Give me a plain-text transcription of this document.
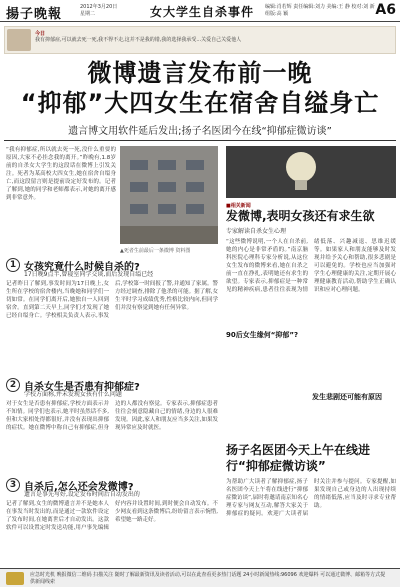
揚子晚報	2012年3月20日 星期二	女大学生自杀事件 编辑:肖若辉 责任编辑:刘力 美编:王 静 校对:刘 新 组版:高 颖	A6
今日
我有抑郁症,可以就去死一死,我不得不走,这并不是我的错,我的选择我承受...关爱自己关爱他人
微博遗言发布前一晚
“抑郁”大四女生在宿舍自缢身亡
遗言博文用软件延后发出;扬子名医团今在线“抑郁症微访谈”
“我有抑郁症,所以就去死一死,没什么重要的原因,大家不必挂念我的离开。”昨晚有,1.8岁前的自杀女大学生的这段话在微博上引发关注。死者为某高校大四女生,她在宿舍自缢身亡,而这段留言则是提前设定好发布的。记者了解到,她的同学和老师都表示,对她的离开感到非常意外。
▲死者生前最后一条微博 资料图
1 女孩究竟什么时候自杀的?
17日晚9点半,曾寝室同学交谈,而后发现自缢已经
记者昨日了解到,事发时间为17日晚上,女生所在学校的宿舍楼内,当晚她和同学们一切如常。在同学们离开后,她独自一人回到宿舍。直到第二天早上,同学们才发现了她已经自缢身亡。学校相关负责人表示,事发后,学校第一时间报了警,并通知了家属。警方经过调查,排除了他杀的可能。据了解,女生平时学习成绩优秀,性格比较内向,但同学们并没有察觉到她有任何异常。
2 自杀女生是否患有抑郁症?
学校方面称,并未发现女孩有什么问题
对于女生是否患有抑郁症,学校方面表示并不知情。同学们也表示,她平时虽然话不多,但和大家相处得都很好,并没有表现出抑郁的症状。她在微博中称自己有抑郁症,但身边的人都没有察觉。专家表示,抑郁症患者往往会刻意隐藏自己的情绪,身边的人很难发现。因此,家人和朋友应当多关注,如果发现异常应及时就医。
3 自杀后,怎么还会发微博?
遗言是事先写好,设定发布时间后自动发出的
记者了解到,女生的微博遗言并不是她本人在事发当时发出的,而是通过一款软件设定了发布时间,在她离世后才自动发出。这款软件可以设置定时发送功能,用户事先编辑好内容并设置时间,到时便会自动发布。不少网友看到这条微博后,纷纷留言表示惋惜,希望她一路走好。
■相关新闻
发微博,表明女孩还有求生欲
专家解读自杀女生心理
“这些微博说明,一个人在自杀前,她的内心是非常矛盾的。”南京脑科医院心理科专家分析说,从这位女生发布的微博来看,她在自杀之前一直在挣扎,表明她还有求生的欲望。专家表示,抑郁症是一种常见的精神疾病,患者往往表现为情绪低落、兴趣减退、思维迟缓等。如果家人和朋友能够及时发现并给予关心和帮助,很多悲剧是可以避免的。学校也应当加强对学生心理健康的关注,定期开展心理健康教育活动,帮助学生正确认识和应对心理问题。
90后女生缘何“抑郁”?
发生悲剧还可能有原因
扬子名医团今天上午在线进行“抑郁症微访谈”
为帮助广大读者了解抑郁症,扬子名医团今天上午将在线进行“抑郁症微访谈”,届时将邀请南京知名心理专家与网友互动,解答大家关于抑郁症的疑问。欢迎广大读者届时关注并参与提问。专家提醒,如果发现自己或身边的人出现持续的情绪低落,应当及时寻求专业帮助。
应急时光机 晚报微信二维码 扫描关注 随时了解最新资讯及读者活动,可以在此查看更多热门话题 24小时新闻热线:96096 欢迎爆料 可以通过微博、邮箱等方式提供新闻线索
